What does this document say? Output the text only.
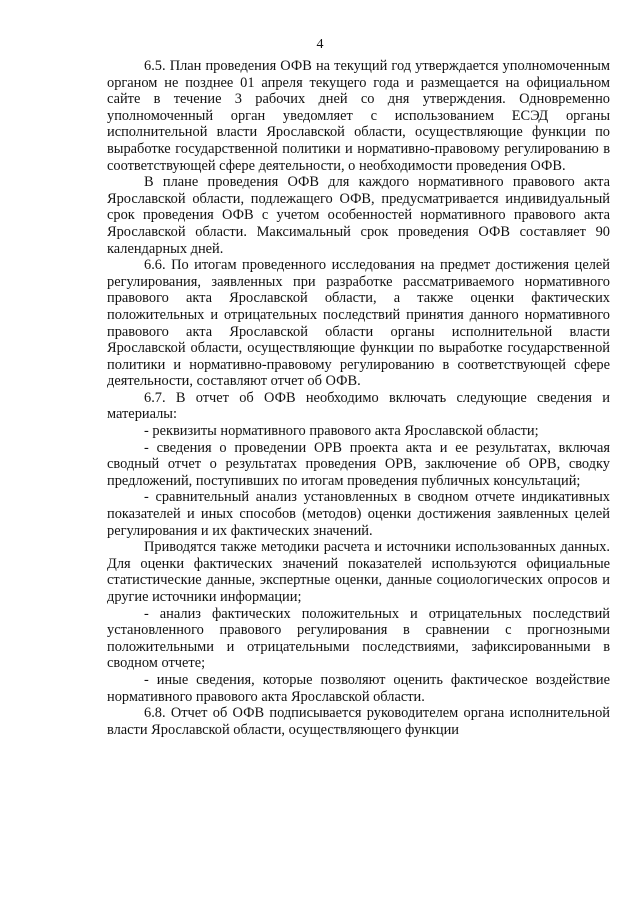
4

6.5. План проведения ОФВ на текущий год утверждается уполномоченным органом не позднее 01 апреля текущего года и размещается на официальном сайте в течение 3 рабочих дней со дня утверждения. Одновременно уполномоченный орган уведомляет с использованием ЕСЭД органы исполнительной власти Ярославской области, осуществляющие функции по выработке государственной политики и нормативно-правовому регулированию в соответствующей сфере деятельности, о необходимости проведения ОФВ.

В плане проведения ОФВ для каждого нормативного правового акта Ярославской области, подлежащего ОФВ, предусматривается индивидуальный срок проведения ОФВ с учетом особенностей нормативного правового акта Ярославской области. Максимальный срок проведения ОФВ составляет 90 календарных дней.

6.6. По итогам проведенного исследования на предмет достижения целей регулирования, заявленных при разработке рассматриваемого нормативного правового акта Ярославской области, а также оценки фактических положительных и отрицательных последствий принятия данного нормативного правового акта Ярославской области органы исполнительной власти Ярославской области, осуществляющие функции по выработке государственной политики и нормативно-правовому регулированию в соответствующей сфере деятельности, составляют отчет об ОФВ.

6.7. В отчет об ОФВ необходимо включать следующие сведения и материалы:

- реквизиты нормативного правового акта Ярославской области;

- сведения о проведении ОРВ проекта акта и ее результатах, включая сводный отчет о результатах проведения ОРВ, заключение об ОРВ, сводку предложений, поступивших по итогам проведения публичных консультаций;

- сравнительный анализ установленных в сводном отчете индикативных показателей и иных способов (методов) оценки достижения заявленных целей регулирования и их фактических значений.

Приводятся также методики расчета и источники использованных данных. Для оценки фактических значений показателей используются официальные статистические данные, экспертные оценки, данные социологических опросов и другие источники информации;

- анализ фактических положительных и отрицательных последствий установленного правового регулирования в сравнении с прогнозными положительными и отрицательными последствиями, зафиксированными в сводном отчете;

- иные сведения, которые позволяют оценить фактическое воздействие нормативного правового акта Ярославской области.

6.8. Отчет об ОФВ подписывается руководителем органа исполнительной власти Ярославской области, осуществляющего функции
